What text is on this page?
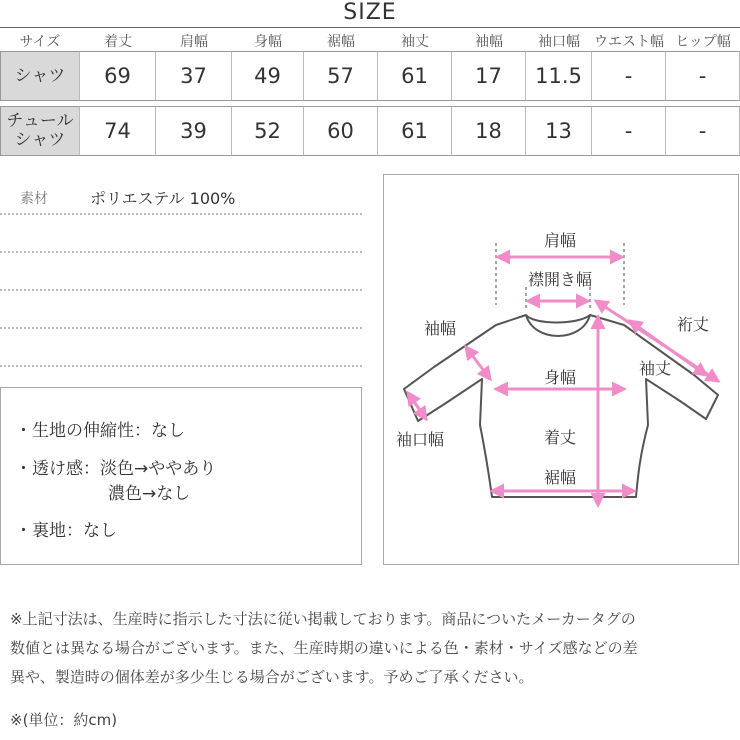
SIZE
サイズ	着丈	肩幅	身幅	裾幅	袖丈	袖幅	袖口幅	ウエスト幅	ヒップ幅
シャツ	69	37	49	57	61	17	11.5	-	-

チュール
シャツ	74	39	52	60	61	18	13	-	-
素材	ポリエステル 100%
・生地の伸縮性：なし
・透け感：淡色→ややあり
濃色→なし
・裏地：なし
肩幅
襟開き幅
裄丈
袖幅
袖丈
身幅
袖口幅	着丈
裾幅
※上記寸法は、生産時に指示した寸法に従い掲載しております。商品についたメーカータグの
数値とは異なる場合がございます。また、生産時期の違いによる色・素材・サイズ感などの差
異や、製造時の個体差が多少生じる場合がございます。予めご了承ください。
※(単位：約cm)
